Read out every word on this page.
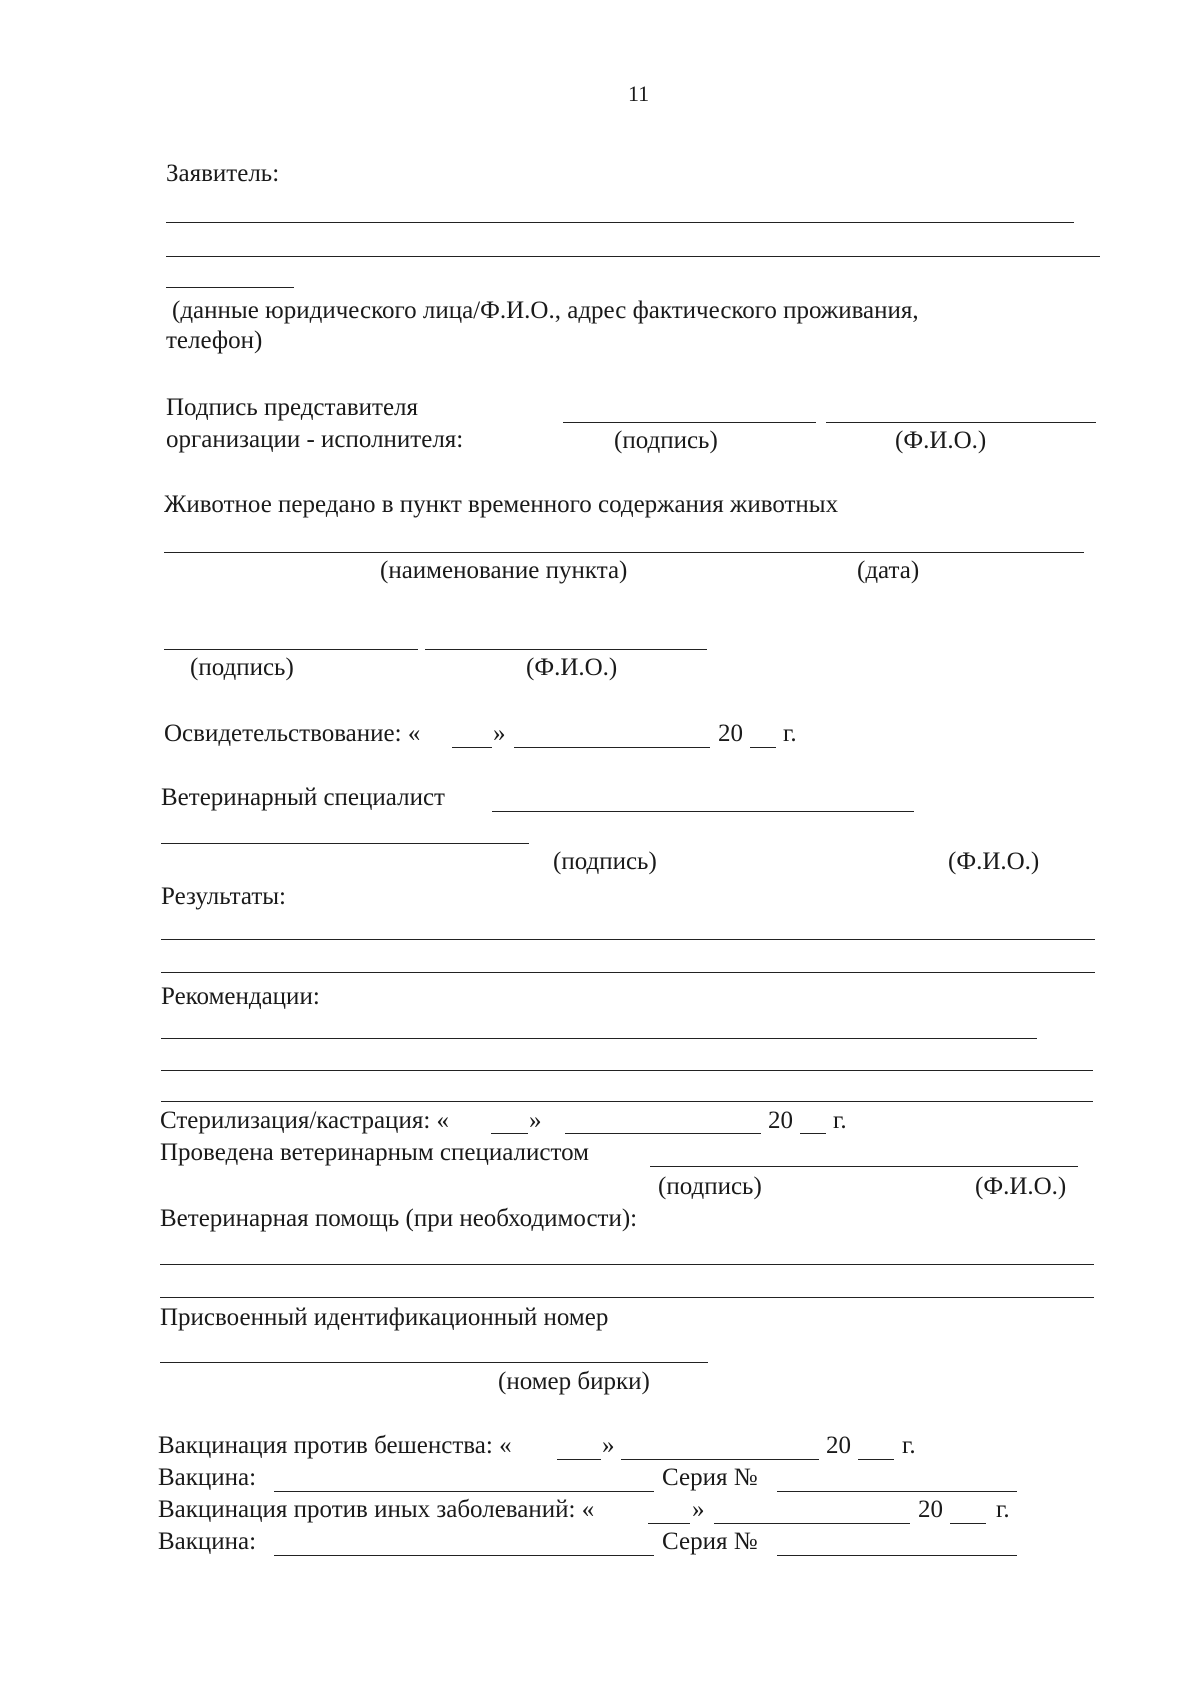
11
Заявитель:
(данные юридического лица/Ф.И.О., адрес фактического проживания,
телефон)
Подпись представителя
организации - исполнителя:	(подпись)	(Ф.И.О.)
Животное передано в пункт временного содержания животных
(наименование пункта)	(дата)
(подпись)	(Ф.И.О.)
Освидетельствование: «	»	20 г.
Ветеринарный специалист
(подпись)	(Ф.И.О.)
Результаты:
Рекомендации:
Стерилизация/кастрация: «	»	20 г.
Проведена ветеринарным специалистом
(подпись)	(Ф.И.О.)
Ветеринарная помощь (при необходимости):
Присвоенный идентификационный номер
(номер бирки)
Вакцинация против бешенства: «	»	20 г.
Вакцина:	Серия №
Вакцинация против иных заболеваний: «	»	20 г.
Вакцина:	Серия №
